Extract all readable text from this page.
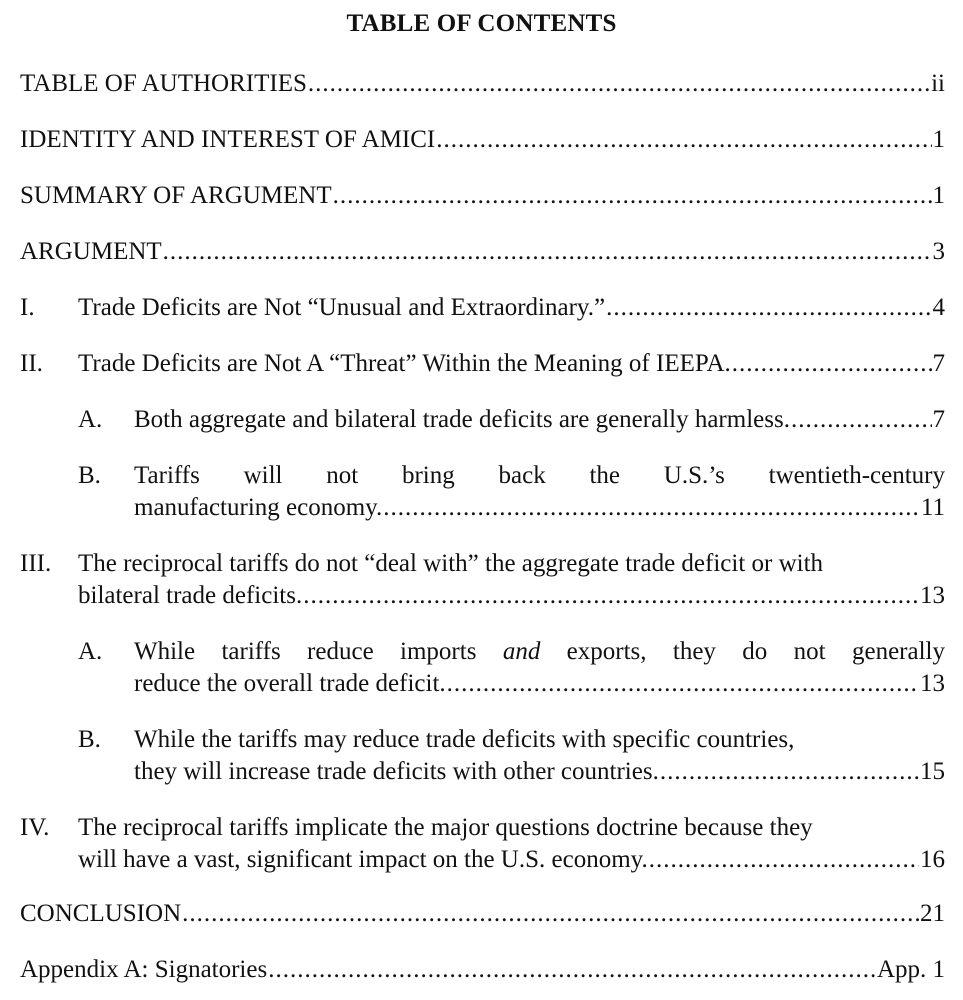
TABLE OF CONTENTS
TABLE OF AUTHORITIES .....	ii
IDENTITY AND INTEREST OF AMICI .....	1
SUMMARY OF ARGUMENT .....	1
ARGUMENT .....	3
I.	Trade Deficits are Not “Unusual and Extraordinary.” .....	4
II.	Trade Deficits are Not A “Threat” Within the Meaning of IEEPA. .....	7
A.	Both aggregate and bilateral trade deficits are generally harmless. .....	7
B.	Tariffs will not bring back the U.S.’s twentieth-century
manufacturing economy. .....	11
III.	The reciprocal tariffs do not “deal with” the aggregate trade deficit or with
bilateral trade deficits. .....	13
A.	While tariffs reduce imports and exports, they do not generally
reduce the overall trade deficit. .....	13
B.	While the tariffs may reduce trade deficits with specific countries,
they will increase trade deficits with other countries. .....	15
IV.	The reciprocal tariffs implicate the major questions doctrine because they
will have a vast, significant impact on the U.S. economy. .....	16
CONCLUSION .....	21
Appendix A: Signatories .....	App. 1
